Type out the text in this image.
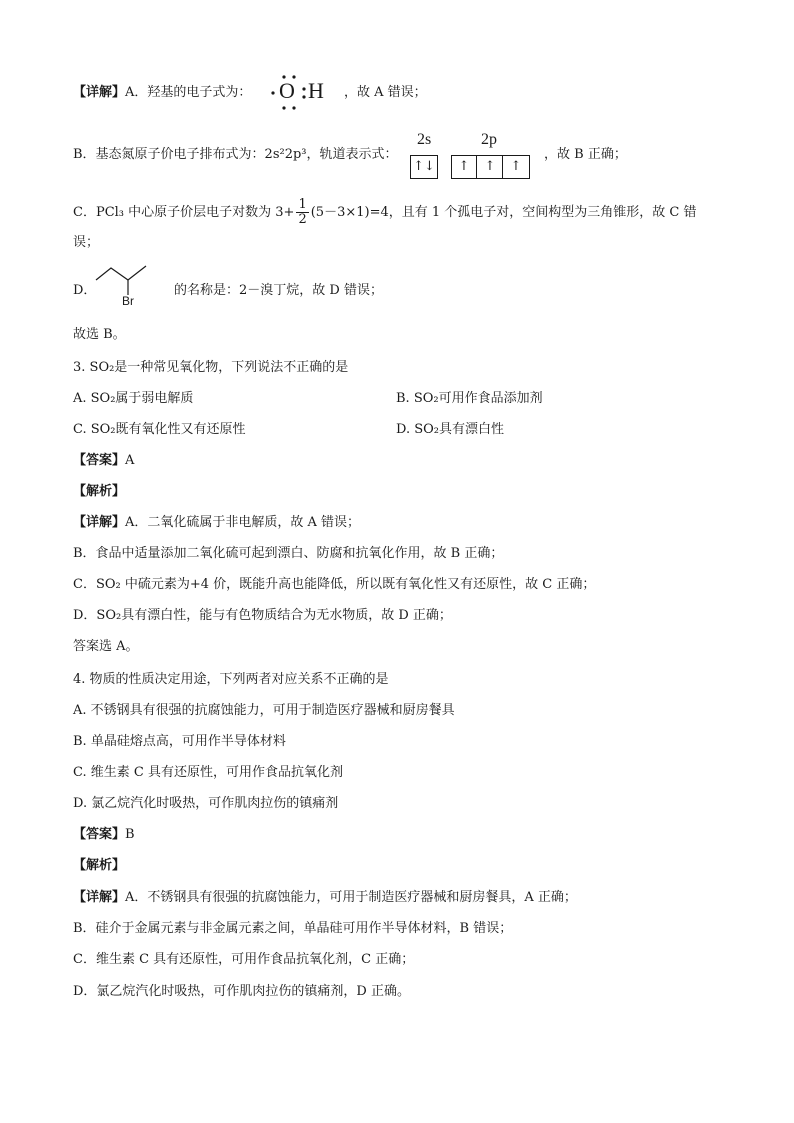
【详解】A．羟基的电子式为： O H ，故 A 错误；
B．基态氮原子价电子排布式为：2s²2p³，轨道表示式：
2s	2p
↑↓	↑	↑	↑
，故 B 正确；
C．PCl₃ 中心原子价层电子对数为 $3+ \frac{1}{2} (5-3\times 1)=4$，且有 1 个孤电子对，空间构型为三角锥形，故 C 错
误；
D．
Br
的名称是：2－溴丁烷，故 D 错误；
故选 B。
3. SO₂是一种常见氧化物，下列说法不正确的是
A. SO₂属于弱电解质	B. SO₂可用作食品添加剂
C. SO₂既有氧化性又有还原性	D. SO₂具有漂白性
【答案】A
【解析】
【详解】A．二氧化硫属于非电解质，故 A 错误；
B．食品中适量添加二氧化硫可起到漂白、防腐和抗氧化作用，故 B 正确；
C．SO₂ 中硫元素为+4 价，既能升高也能降低，所以既有氧化性又有还原性，故 C 正确；
D．SO₂具有漂白性，能与有色物质结合为无水物质，故 D 正确；
答案选 A。
4. 物质的性质决定用途，下列两者对应关系不正确的是
A. 不锈钢具有很强的抗腐蚀能力，可用于制造医疗器械和厨房餐具
B. 单晶硅熔点高，可用作半导体材料
C. 维生素 C 具有还原性，可用作食品抗氧化剂
D. 氯乙烷汽化时吸热，可作肌肉拉伤的镇痛剂
【答案】B
【解析】
【详解】A．不锈钢具有很强的抗腐蚀能力，可用于制造医疗器械和厨房餐具，A 正确；
B．硅介于金属元素与非金属元素之间，单晶硅可用作半导体材料，B 错误；
C．维生素 C 具有还原性，可用作食品抗氧化剂，C 正确；
D．氯乙烷汽化时吸热，可作肌肉拉伤的镇痛剂，D 正确。
